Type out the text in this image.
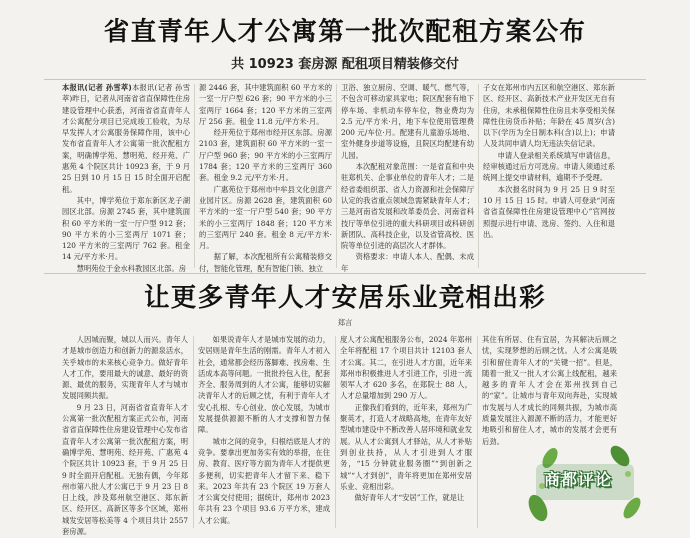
省直青年人才公寓第一批次配租方案公布
共 10923 套房源 配租项目精装修交付

本报讯(记者 孙雪萃)本报讯(记者 孙雪萃)昨日，记者从河南省省直保障性住房建设管理中心获悉，河南省省直青年人才公寓配分项目已完成竣工验收，为尽早发挥人才公寓服务保障作用，该中心发布省直青年人才公寓第一批次配租方案，明确博学苑、慧明苑、经开苑、广惠苑 4 个院区共计 10923 套，于 9 月 25 日到 10 月 15 日 15 时全面开启配租。

其中，博学苑位于郑东新区龙子湖园区北部。房源 2745 套，其中建筑面积 60 平方米的一室一厅户型 912 套；90 平方米的小三室两厅 1071 套；120 平方米的三室两厅 762 套。租金 14 元/平方米·月。

慧明苑位于金水科教园区北部。房

源 2446 套，其中建筑面积 60 平方米的一室一厅户型 626 套；90 平方米的小三室两厅 1664 套；120 平方米的三室两厅 256 套。租金 11.8 元/平方米·月。

经开苑位于郑州市经开区东部。房源 2103 套，建筑面积 60 平方米的一室一厅户型 960 套；90 平方米的小三室两厅 1784 套；120 平方米的三室两厅 360 套。租金 9.2 元/平方米·月。

广惠苑位于郑州市中牟县文化创意产业园片区。房源 2628 套，建筑面积 60 平方米的一室一厅户型 540 套；90 平方米的小三室两厅 1848 套；120 平方米的三室两厅 240 套。租金 8 元/平方米·月。

据了解，本次配租所有公寓精装修交付，智能化管理，配有智能门锁、独立

卫浴、独立厨房、空调、暖气、燃气等，不包含可移动家具家电；院区配套有地下停车场、非机动车停车位，物业费均为 2.5 元/平方米·月，地下车位使用管理费 200 元/车位·月。配建有儿童游乐场地、室外健身步道等设施，且院区均配建有幼儿园。

本次配租对象范围：一是省直和中央驻郑机关、企事业单位的青年人才；二是经省委组织部、省人力资源和社会保障厅认定的我省重点领域急需紧缺青年人才；三是河南省发展和改革委员会、河南省科技厅等单位引进的重大科研项目或科研创新团队、高科技企业，以及省管高校、医院等单位引进的高层次人才群体。

资格要求：申请人本人、配偶、未成年

子女在郑州市内五区和航空港区、郑东新区、经开区、高新技术产业开发区无自有住房，未承租保障性住房且未享受相关保障性住房货币补贴；年龄在 45 周岁(含)以下(学历为全日制本科(含)以上)；申请人及共同申请人均无违法失信记录。

申请人登录相关系统填写申请信息，经审核通过后方可选房。申请人须通过系统网上提交申请材料，逾期不予受理。

本次报名时间为 9 月 25 日 9 时至 10 月 15 日 15 时。申请人可登录“河南省省直保障性住房建设管理中心”官网按照提示进行申请、选房、签约、入住和退出。

让更多青年人才安居乐业竞相出彩
郑言

人因城而聚，城以人而兴。青年人才是城市创造力和创新力的源泉活水，关乎城市的未来核心竞争力。做好青年人才工作，要用最大的诚意、最好的资源、最优的服务，实现青年人才与城市发展同频共振。

9 月 23 日，河南省省直青年人才公寓第一批次配租方案正式公布，河南省省直保障性住房建设管理中心发布省直青年人才公寓第一批次配租方案，明确博学苑、慧明苑、经开苑、广惠苑 4 个院区共计 10923 套，于 9 月 25 日 9 时全面开启配租。无独有偶，今年郑州市第八批人才公寓已于 9 月 23 日 8 日上线，涉及郑州航空港区、郑东新区、经开区、高新区等多个区域，郑州城发安居等松美等 4 个项目共计 2557 套房源。

如果说青年人才是城市发展的动力，安居则是青年生活的刚需。青年人才初入社会，通常都会经历落脚难、找房难、生活成本高等问题。一批批拎包入住，配套齐全、服务周到的人才公寓，能够切实解决青年人才的后顾之忧，有利于青年人才安心扎根、专心创业、放心发展，为城市发展提供源源不断的人才支撑和智力保障。

城市之间的竞争，归根结底是人才的竞争。要拿出更加务实有效的举措，在住房、教育、医疗等方面为青年人才提供更多便利，切实把青年人才留下来、稳下来。2023 年共有 23 个院区 19 万套人才公寓交付使用；据统计，郑州市 2023 年共有 23 个项目 93.6 万平方米，建成人才公寓。

度人才公寓配租服务公布，2024 年郑州全年将配租 17 个项目共计 12103 套人才公寓。其二，在引进人才方面，近年来郑州市积极推进人才引进工作，引进一流领军人才 620 多名，在郑院士 88 人，人才总量增加到 290 万人。

正像我们看到的，近年来，郑州为广聚英才，打造人才战略高地，在青年友好型城市建设中不断改善人居环境和就业发展。从人才公寓到人才驿站，从人才补贴到创业扶持，从人才引进到人才服务，“15 分钟就业服务圈”“到创新之城”“人才到创”，青年将更加在郑州安居乐业、竞相出彩。

做好青年人才“安居”工作，就是让

其住有所居、住有宜居，为其解决后顾之忧，实现梦想的后顾之忧。人才公寓是吸引和留住青年人才的“关键一招”。但是，随着一批又一批人才公寓上线配租，越来越多的青年人才会在郑州找到自己的“家”。让城市与青年双向奔赴，实现城市发展与人才成长的同频共振，为城市高质量发展注入源源不断的活力，才能更好地吸引和留住人才，城市的发展才会更有后劲。

商都评论
